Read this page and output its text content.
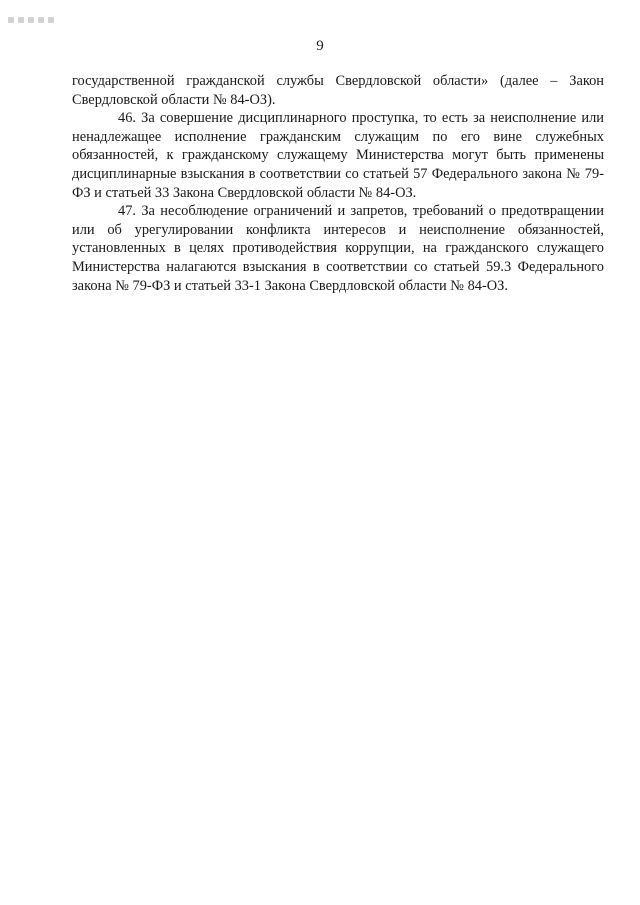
9

государственной гражданской службы Свердловской области» (далее – Закон Свердловской области № 84-ОЗ).

46. За совершение дисциплинарного проступка, то есть за неисполнение или ненадлежащее исполнение гражданским служащим по его вине служебных обязанностей, к гражданскому служащему Министерства могут быть применены дисциплинарные взыскания в соответствии со статьей 57 Федерального закона № 79-ФЗ и статьей 33 Закона Свердловской области № 84-ОЗ.

47. За несоблюдение ограничений и запретов, требований о предотвращении или об урегулировании конфликта интересов и неисполнение обязанностей, установленных в целях противодействия коррупции, на гражданского служащего Министерства налагаются взыскания в соответствии со статьей 59.3 Федерального закона № 79-ФЗ и статьей 33-1 Закона Свердловской области № 84-ОЗ.
